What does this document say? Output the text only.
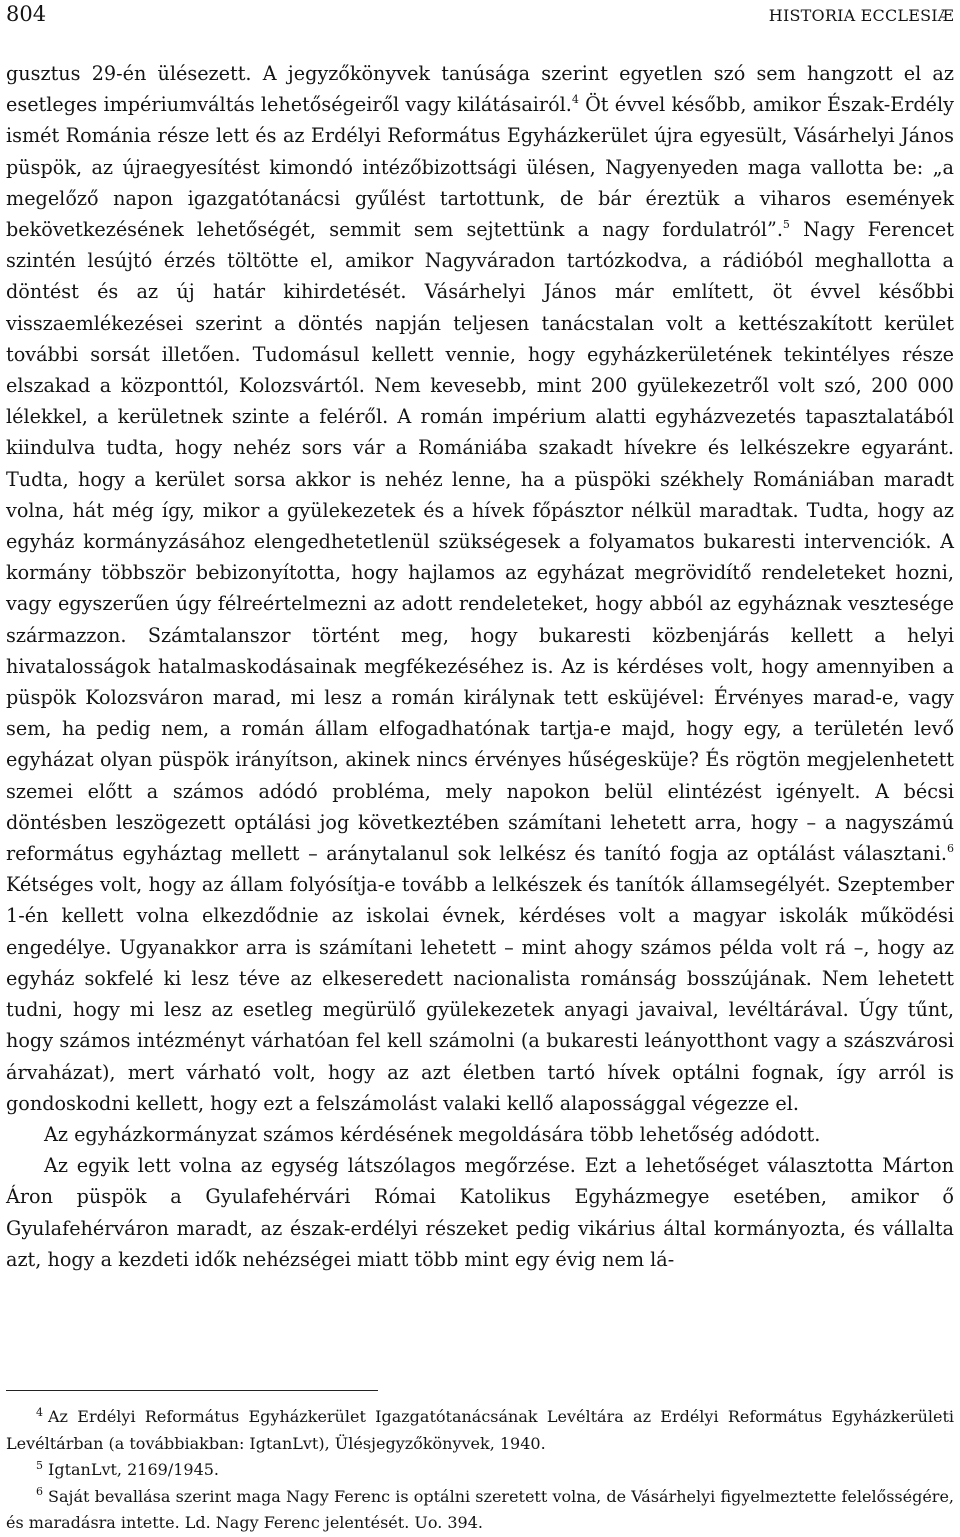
804	HISTORIA ECCLESIÆ

gusztus 29-én ülésezett. A jegyzőkönyvek tanúsága szerint egyetlen szó sem hangzott el az esetleges impériumváltás lehetőségeiről vagy kilátásairól.$^4$ Öt évvel később, amikor Észak-Erdély ismét Románia része lett és az Erdélyi Református Egyházkerület újra egyesült, Vásárhelyi János püspök, az újraegyesítést kimondó intézőbizottsági ülésen, Nagyenyeden maga vallotta be: „a megelőző napon igazgatótanácsi gyűlést tartottunk, de bár éreztük a viharos események bekövetkezésének lehetőségét, semmit sem sejtettünk a nagy fordulatról”.$^5$ Nagy Ferencet szintén lesújtó érzés töltötte el, amikor Nagyváradon tartózkodva, a rádióból meghallotta a döntést és az új határ kihirdetését. Vásárhelyi János már említett, öt évvel későbbi visszaemlékezései szerint a döntés napján teljesen tanácstalan volt a kettészakított kerület további sorsát illetően. Tudomásul kellett vennie, hogy egyházkerületének tekintélyes része elszakad a központtól, Kolozsvártól. Nem kevesebb, mint 200 gyülekezetről volt szó, 200 000 lélekkel, a kerületnek szinte a feléről. A román impérium alatti egyházvezetés tapasztalatából kiindulva tudta, hogy nehéz sors vár a Romániába szakadt hívekre és lelkészekre egyaránt. Tudta, hogy a kerület sorsa akkor is nehéz lenne, ha a püspöki székhely Romániában maradt volna, hát még így, mikor a gyülekezetek és a hívek főpásztor nélkül maradtak. Tudta, hogy az egyház kormányzásához elengedhetetlenül szükségesek a folyamatos bukaresti intervenciók. A kormány többször bebizonyította, hogy hajlamos az egyházat megrövidítő rendeleteket hozni, vagy egyszerűen úgy félreértelmezni az adott rendeleteket, hogy abból az egyháznak vesztesége származzon. Számtalanszor történt meg, hogy bukaresti közbenjárás kellett a helyi hivatalosságok hatalmaskodásainak megfékezéséhez is. Az is kérdéses volt, hogy amennyiben a püspök Kolozsváron marad, mi lesz a román királynak tett esküjével: Érvényes marad-e, vagy sem, ha pedig nem, a román állam elfogadhatónak tartja-e majd, hogy egy, a területén levő egyházat olyan püspök irányítson, akinek nincs érvényes hűségesküje? És rögtön megjelenhetett szemei előtt a számos adódó probléma, mely napokon belül elintézést igényelt. A bécsi döntésben leszögezett optálási jog következtében számítani lehetett arra, hogy – a nagyszámú református egyháztag mellett – aránytalanul sok lelkész és tanító fogja az optálást választani.$^6$ Kétséges volt, hogy az állam folyósítja-e tovább a lelkészek és tanítók államsegélyét. Szeptember 1-én kellett volna elkezdődnie az iskolai évnek, kérdéses volt a magyar iskolák működési engedélye. Ugyanakkor arra is számítani lehetett – mint ahogy számos példa volt rá –, hogy az egyház sokfelé ki lesz téve az elkeseredett nacionalista románság bosszújának. Nem lehetett tudni, hogy mi lesz az esetleg megürülő gyülekezetek anyagi javaival, levéltárával. Úgy tűnt, hogy számos intézményt várhatóan fel kell számolni (a bukaresti leányotthont vagy a szászvárosi árvaházat), mert várható volt, hogy az azt életben tartó hívek optálni fognak, így arról is gondoskodni kellett, hogy ezt a felszámolást valaki kellő alapossággal végezze el.

Az egyházkormányzat számos kérdésének megoldására több lehetőség adódott.

Az egyik lett volna az egység látszólagos megőrzése. Ezt a lehetőséget választotta Márton Áron püspök a Gyulafehérvári Római Katolikus Egyházmegye esetében, amikor ő Gyulafehérváron maradt, az észak-erdélyi részeket pedig vikárius által kormányozta, és vállalta azt, hogy a kezdeti idők nehézségei miatt több mint egy évig nem lá-

$^4$ Az Erdélyi Református Egyházkerület Igazgatótanácsának Levéltára az Erdélyi Református Egyházkerületi Levéltárban (a továbbiakban: IgtanLvt), Ülésjegyzőkönyvek, 1940.

$^5$ IgtanLvt, 2169/1945.

$^6$ Saját bevallása szerint maga Nagy Ferenc is optálni szeretett volna, de Vásárhelyi figyelmeztette felelősségére, és maradásra intette. Ld. Nagy Ferenc jelentését. Uo. 394.
